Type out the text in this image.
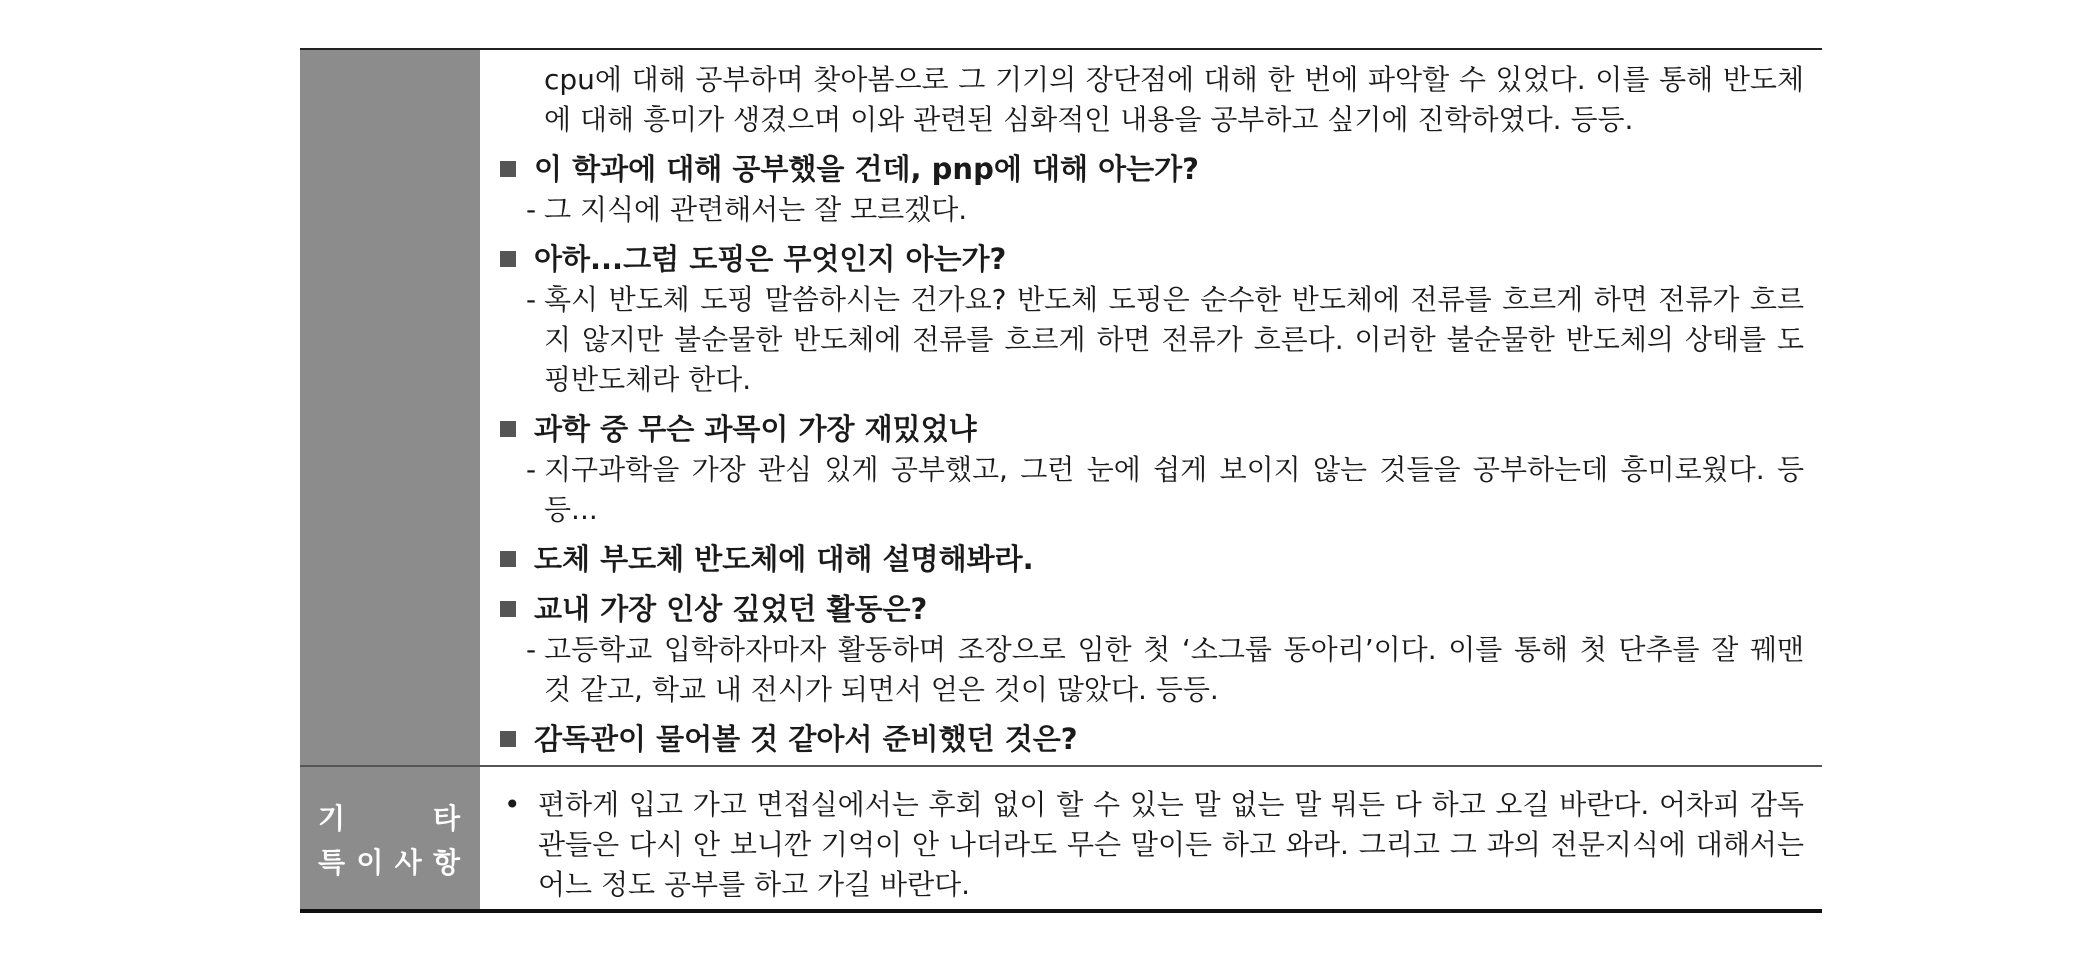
cpu에 대해 공부하며 찾아봄으로 그 기기의 장단점에 대해 한 번에 파악할 수 있었다. 이를 통해 반도체에 대해 흥미가 생겼으며 이와 관련된 심화적인 내용을 공부하고 싶기에 진학하였다. 등등.

이 학과에 대해 공부했을 건데, pnp에 대해 아는가?
- 그 지식에 관련해서는 잘 모르겠다.
아하...그럼 도핑은 무엇인지 아는가?
- 혹시 반도체 도핑 말씀하시는 건가요? 반도체 도핑은 순수한 반도체에 전류를 흐르게 하면 전류가 흐르지 않지만 불순물한 반도체에 전류를 흐르게 하면 전류가 흐른다. 이러한 불순물한 반도체의 상태를 도핑반도체라 한다.
과학 중 무슨 과목이 가장 재밌었냐
- 지구과학을 가장 관심 있게 공부했고, 그런 눈에 쉽게 보이지 않는 것들을 공부하는데 흥미로웠다. 등등...
도체 부도체 반도체에 대해 설명해봐라.
교내 가장 인상 깊었던 활동은?
- 고등학교 입학하자마자 활동하며 조장으로 임한 첫 ‘소그룹 동아리’이다. 이를 통해 첫 단추를 잘 꿰맨 것 같고, 학교 내 전시가 되면서 얻은 것이 많았다. 등등.
감독관이 물어볼 것 같아서 준비했던 것은?
기	타
특 이 사 항
• 편하게 입고 가고 면접실에서는 후회 없이 할 수 있는 말 없는 말 뭐든 다 하고 오길 바란다. 어차피 감독관들은 다시 안 보니깐 기억이 안 나더라도 무슨 말이든 하고 와라. 그리고 그 과의 전문지식에 대해서는 어느 정도 공부를 하고 가길 바란다.
